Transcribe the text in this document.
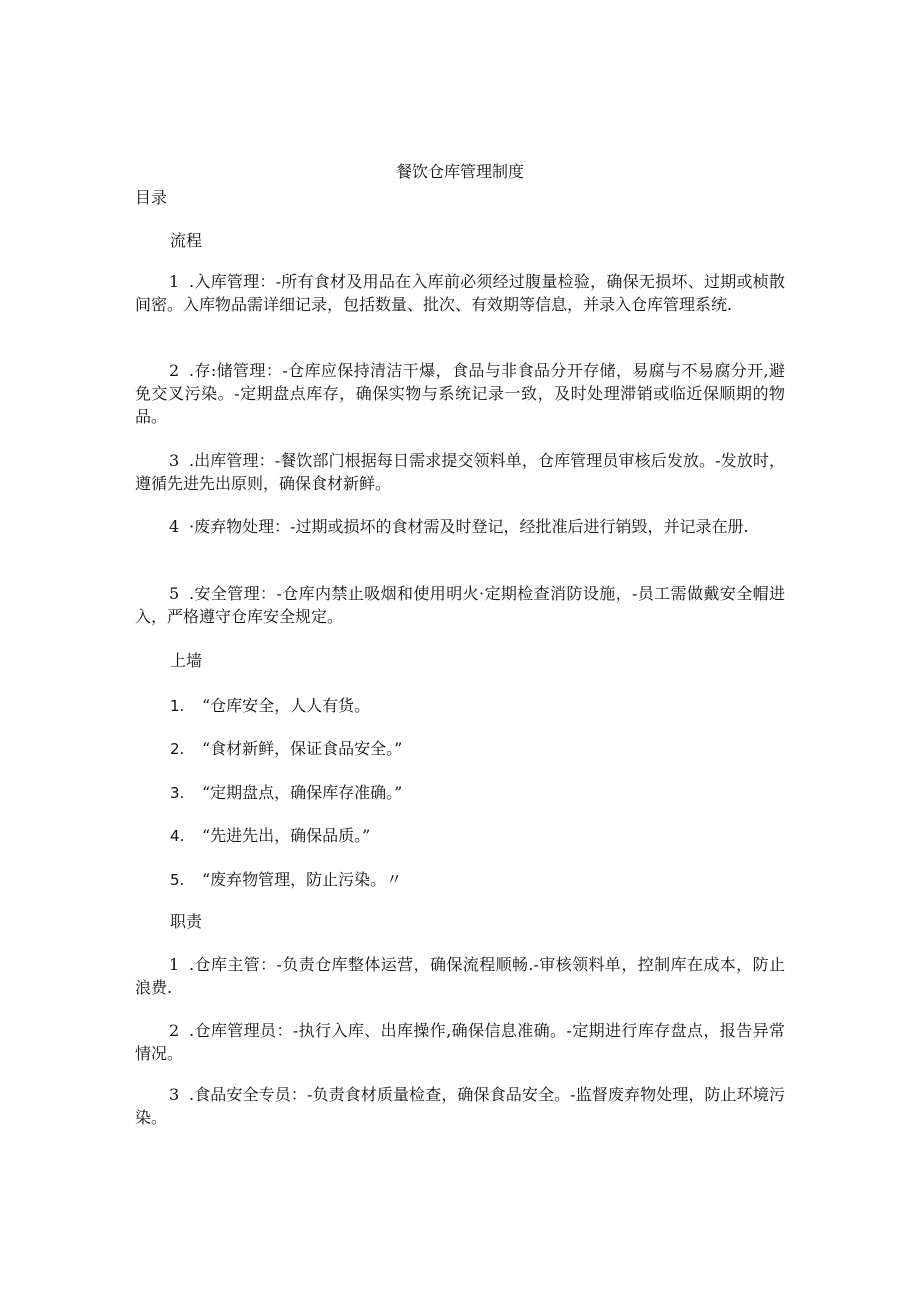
餐饮仓库管理制度
目录
流程
1 .入库管理：-所有食材及用品在入库前必须经过腹量检验，确保无损坏、过期或桢散间密。入库物品需详细记录，包括数量、批次、有效期等信息，并录入仓库管理系统.
2 .存:储管理：-仓库应保持清洁干爆，食品与非食品分开存储，易腐与不易腐分开,避免交叉污染。-定期盘点库存，确保实物与系统记录一致，及时处理滞销或临近保顺期的物品。
3 .出库管理：-餐饮部门根据每日需求提交领料单，仓库管理员审核后发放。-发放时，遵循先进先出原则，确保食材新鲜。
4 ·废弃物处理：-过期或损坏的食材需及时登记，经批准后进行销毁，并记录在册.
5 .安全管理：-仓库内禁止吸烟和使用明火·定期检查消防设施，-员工需做戴安全帽进入，严格遵守仓库安全规定。
上墙
1. “仓库安全，人人有货。
2. “食材新鲜，保证食品安全。”
3. “定期盘点，确保库存准确。”
4. “先进先出，确保品质。”
5. “废弃物管理，防止污染。〃
职责
1 .仓库主管：-负责仓库整体运营，确保流程顺畅.-审核领料单，控制库在成本，防止浪费.
2 .仓库管理员：-执行入库、出库操作,确保信息准确。-定期进行库存盘点，报告异常情况。
3 .食品安全专员：-负责食材质量检查，确保食品安全。-监督废弃物处理，防止环境污染。
